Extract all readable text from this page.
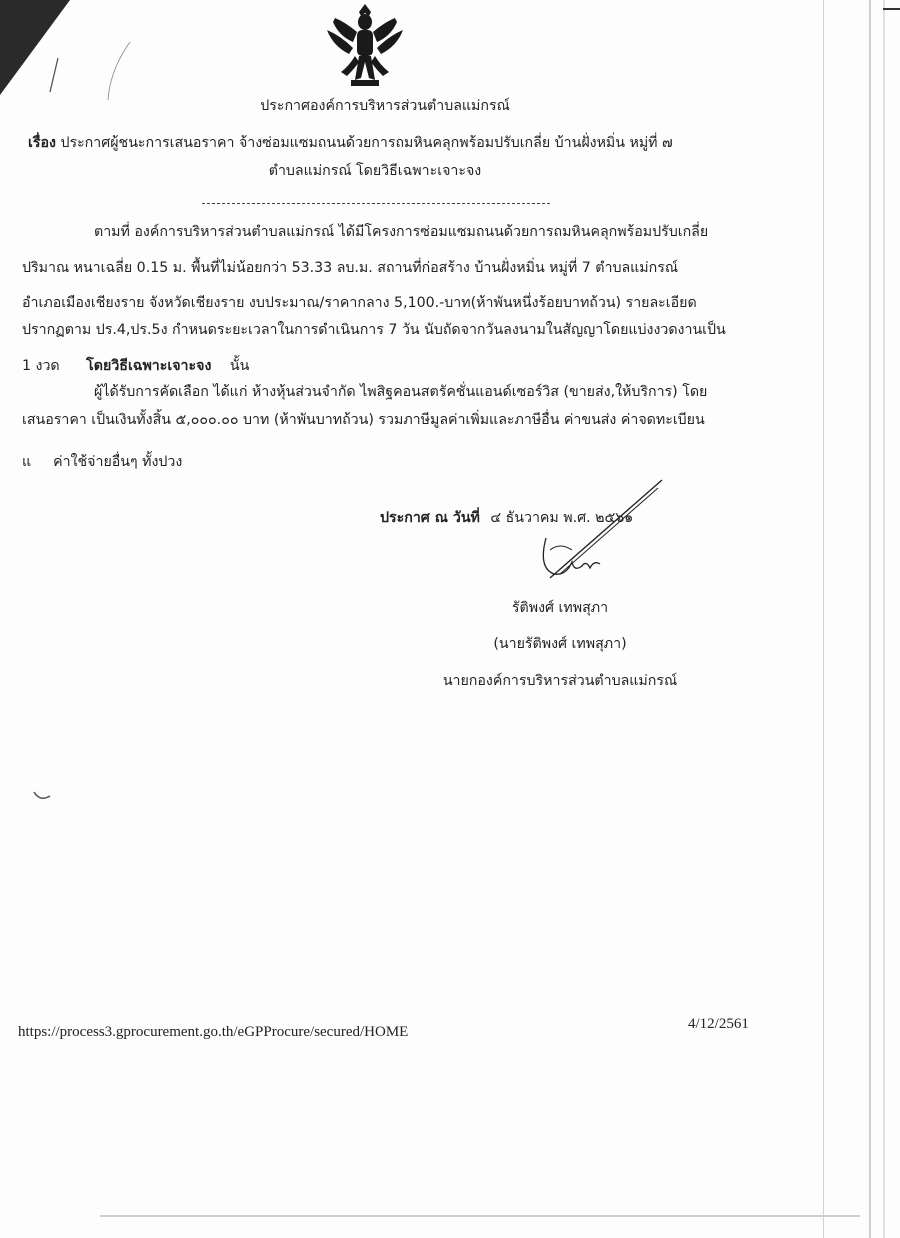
ประกาศองค์การบริหารส่วนตำบลแม่กรณ์
เรื่อง ประกาศผู้ชนะการเสนอราคา จ้างซ่อมแซมถนนด้วยการถมหินคลุกพร้อมปรับเกลี่ย บ้านฝั่งหมิ่น หมู่ที่ ๗
ตำบลแม่กรณ์ โดยวิธีเฉพาะเจาะจง
ตามที่ องค์การบริหารส่วนตำบลแม่กรณ์ ได้มีโครงการซ่อมแซมถนนด้วยการถมหินคลุกพร้อมปรับเกลี่ย
ปริมาณ หนาเฉลี่ย 0.15 ม. พื้นที่ไม่น้อยกว่า 53.33 ลบ.ม. สถานที่ก่อสร้าง บ้านฝั่งหมิ่น หมู่ที่ 7 ตำบลแม่กรณ์
อำเภอเมืองเชียงราย จังหวัดเชียงราย งบประมาณ/ราคากลาง 5,100.-บาท(ห้าพันหนึ่งร้อยบาทถ้วน) รายละเอียด
ปรากฏตาม ปร.4,ปร.5ง กำหนดระยะเวลาในการดำเนินการ 7 วัน นับถัดจากวันลงนามในสัญญาโดยแบ่งงวดงานเป็น
1 งวด โดยวิธีเฉพาะเจาะจง นั้น
ผู้ได้รับการคัดเลือก ได้แก่ ห้างหุ้นส่วนจำกัด ไพสิฐคอนสตรัคชั่นแอนด์เซอร์วิส (ขายส่ง,ให้บริการ) โดย
เสนอราคา เป็นเงินทั้งสิ้น ๕,๐๐๐.๐๐ บาท (ห้าพันบาทถ้วน) รวมภาษีมูลค่าเพิ่มและภาษีอื่น ค่าขนส่ง ค่าจดทะเบียน
แ ค่าใช้จ่ายอื่นๆ ทั้งปวง
ประกาศ ณ วันที่ ๔ ธันวาคม พ.ศ. ๒๕๖๑
รัติพงศ์ เทพสุภา
(นายรัติพงศ์ เทพสุภา)
นายกองค์การบริหารส่วนตำบลแม่กรณ์
https://process3.gprocurement.go.th/eGPProcure/secured/HOME	4/12/2561
